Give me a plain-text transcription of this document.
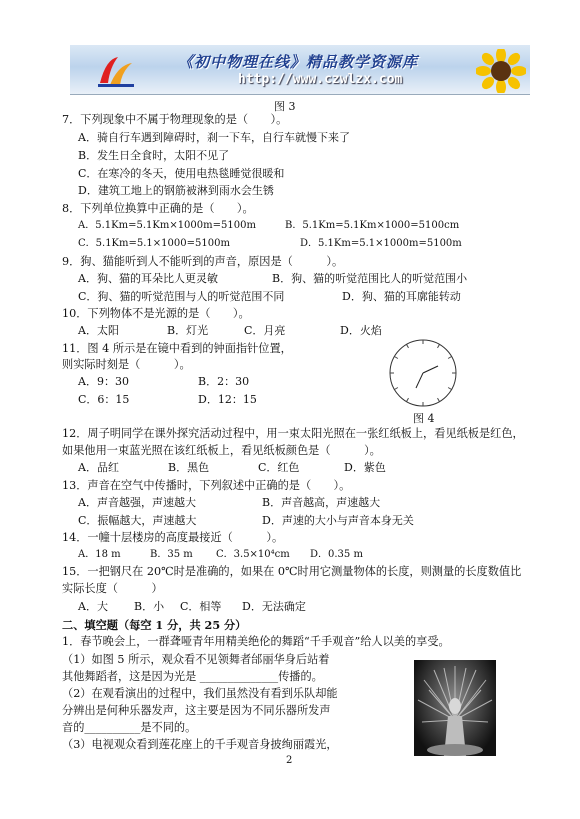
《初中物理在线》精品教学资源库
http://www.czwlzx.com
图 3
7．下列现象中不属于物理现象的是（　　）。
A．骑自行车遇到障碍时，刹一下车，自行车就慢下来了
B．发生日全食时，太阳不见了
C．在寒冷的冬天，使用电热毯睡觉很暖和
D．建筑工地上的钢筋被淋到雨水会生锈
8．下列单位换算中正确的是（　　）。
A．5.1Km=5.1Km×1000m=5100m	B．5.1Km=5.1Km×1000=5100cm
C．5.1Km=5.1×1000=5100m	D．5.1Km=5.1×1000m=5100m
9．狗、猫能听到人不能听到的声音，原因是（　　　）。
A．狗、猫的耳朵比人更灵敏	B．狗、猫的听觉范围比人的听觉范围小
C．狗、猫的听觉范围与人的听觉范围不同	D．狗、猫的耳廓能转动
10．下列物体不是光源的是（　　）。
A．太阳	B．灯光	C．月亮	D．火焰
11．图 4 所示是在镜中看到的钟面指针位置，
则实际时刻是（　　　）。
A．9：30	B．2：30
C．6：15	D．12：15
图 4
12．周子明同学在课外探究活动过程中，用一束太阳光照在一张红纸板上，看见纸板是红色，
如果他用一束蓝光照在该红纸板上，看见纸板颜色是（　　　）。
A．品红	B．黑色	C．红色	D．紫色
13．声音在空气中传播时，下列叙述中正确的是（　　）。
A．声音越强，声速越大	B．声音越高，声速越大
C．振幅越大，声速越大	D．声速的大小与声音本身无关
14．一幢十层楼房的高度最接近（　　　）。
A．18 m	B．35 m C．3.5×10⁴cm D．0.35 m
15．一把钢尺在 20℃时是准确的，如果在 0℃时用它测量物体的长度，则测量的长度数值比
实际长度（　　　）
A．大 B．小 C．相等 D．无法确定
二、填空题（每空 1 分，共 25 分）
1．春节晚会上，一群聋哑青年用精美绝伦的舞蹈“千手观音”给人以美的享受。
（1）如图 5 所示，观众看不见领舞者邰丽华身后站着
其他舞蹈者，这是因为光是 ______________传播的。
（2）在观看演出的过程中，我们虽然没有看到乐队却能
分辨出是何种乐器发声，这主要是因为不同乐器所发声
音的__________是不同的。
（3）电视观众看到莲花座上的千手观音身披绚丽霞光，
2
